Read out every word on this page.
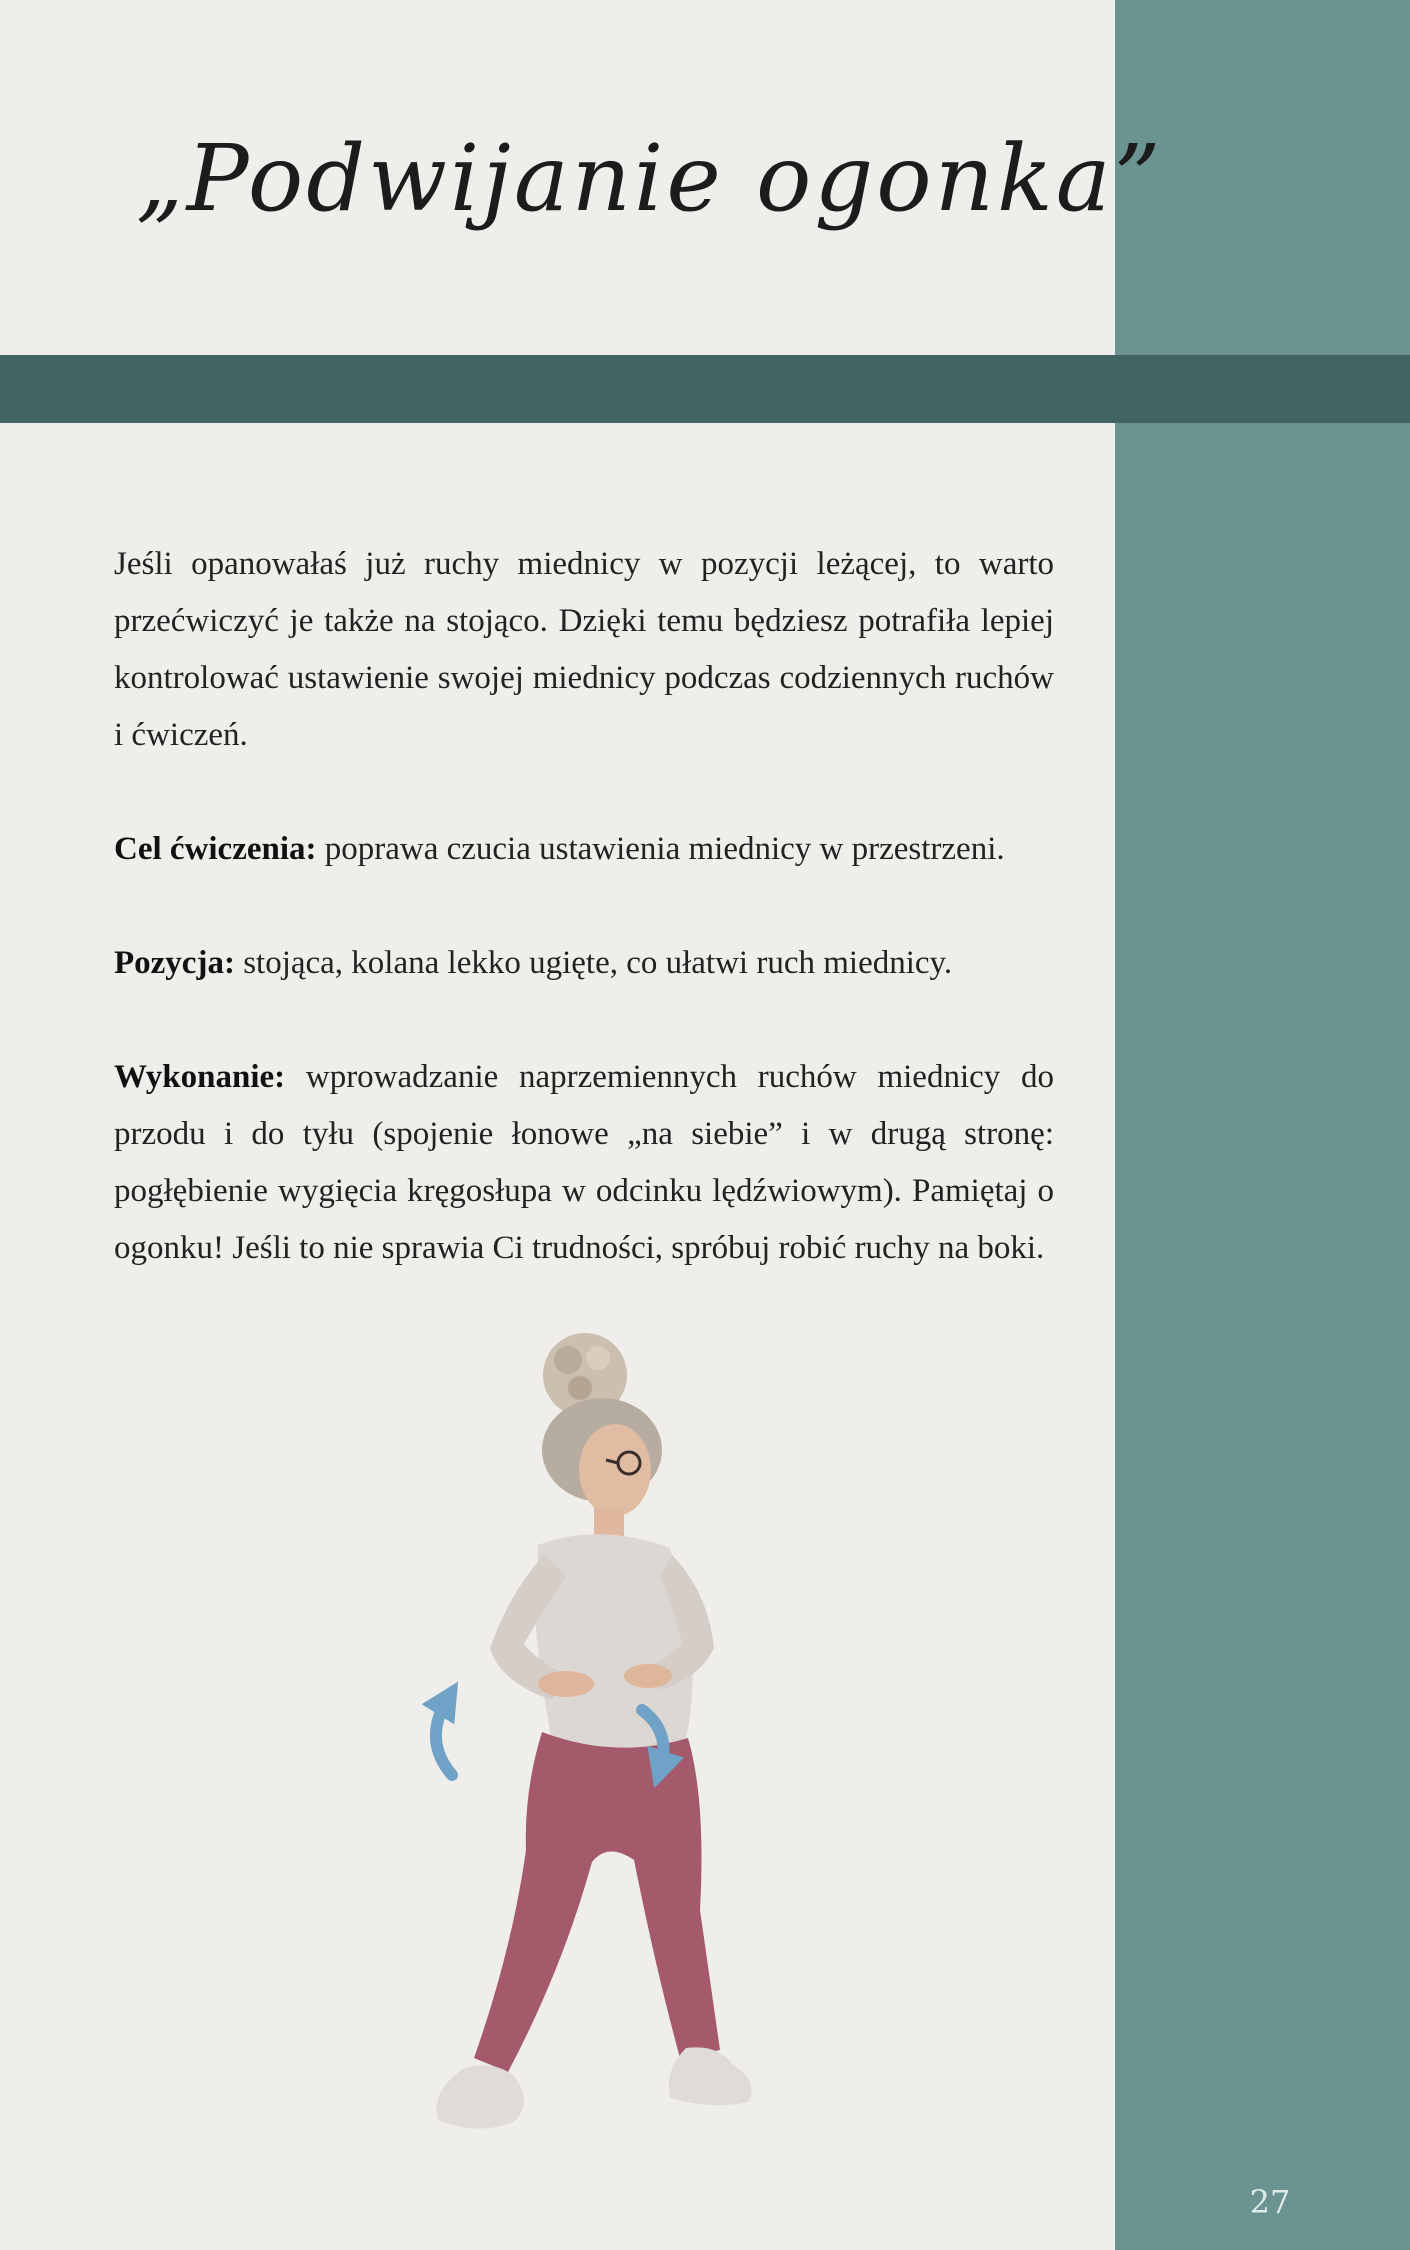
„Podwijanie ogonka”

Jeśli opanowałaś już ruchy miednicy w pozycji leżącej, to warto przećwiczyć je także na stojąco. Dzięki temu będziesz potrafiła lepiej kontrolować ustawienie swojej miednicy podczas codziennych ruchów i ćwiczeń.

Cel ćwiczenia: poprawa czucia ustawienia miednicy w przestrzeni.

Pozycja: stojąca, kolana lekko ugięte, co ułatwi ruch miednicy.

Wykonanie: wprowadzanie naprzemiennych ruchów miednicy do przodu i do tyłu (spojenie łonowe „na siebie” i w drugą stronę: pogłębienie wygięcia kręgosłupa w odcinku lędźwiowym). Pamiętaj o ogonku! Jeśli to nie sprawia Ci trudności, spróbuj robić ruchy na boki.

27
